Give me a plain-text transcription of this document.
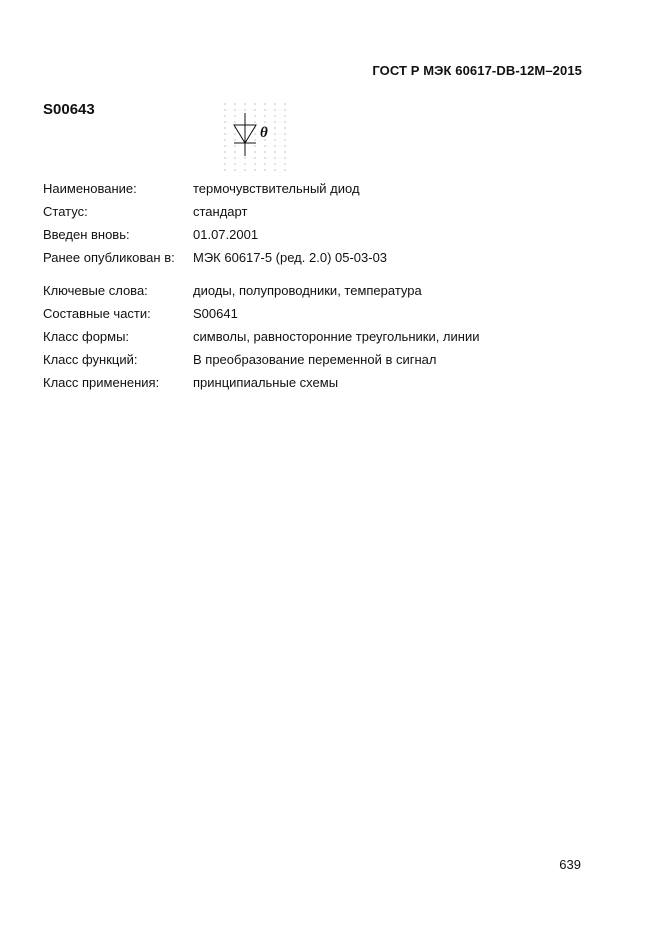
ГОСТ Р МЭК 60617-DB-12M–2015
S00643
θ
Наименование:	термочувствительный диод
Статус:	стандарт
Введен вновь:	01.07.2001
Ранее опубликован в: МЭК 60617-5 (ред. 2.0) 05-03-03
Ключевые слова:	диоды, полупроводники, температура
Составные части:	S00641
Класс формы:	символы, равносторонние треугольники, линии
Класс функций:	В преобразование переменной в сигнал
Класс применения:	принципиальные схемы
639
